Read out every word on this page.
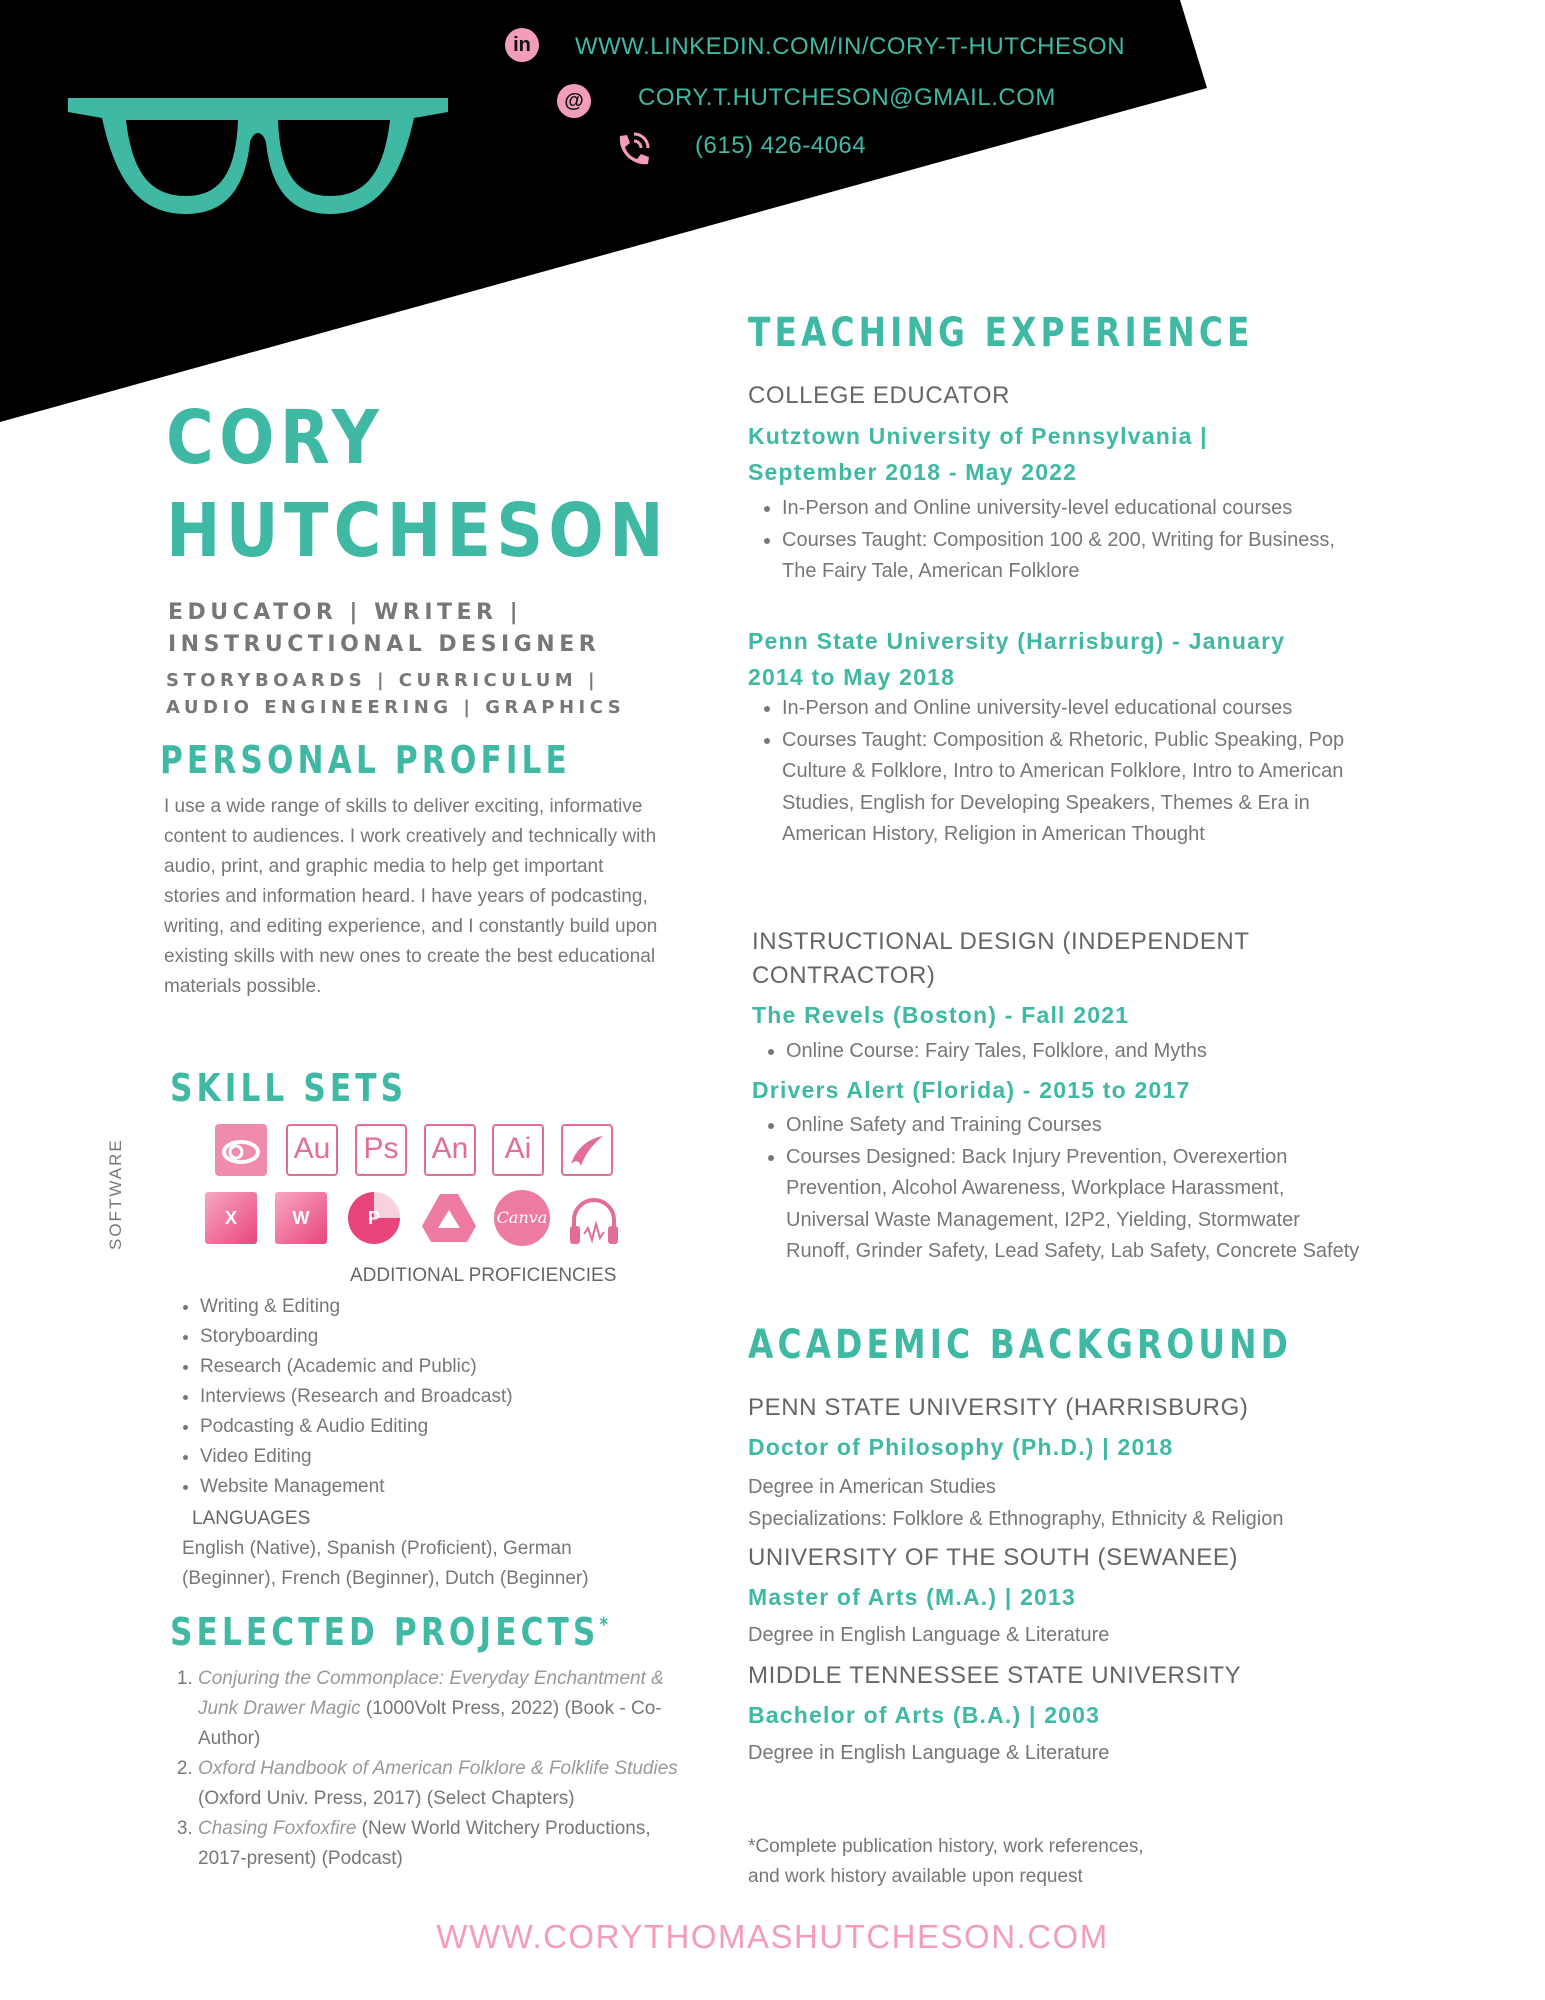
in	WWW.LINKEDIN.COM/IN/CORY-T-HUTCHESON
@	CORY.T.HUTCHESON@GMAIL.COM
(615) 426-4064
CORY
HUTCHESON
EDUCATOR | WRITER |
INSTRUCTIONAL DESIGNER
STORYBOARDS | CURRICULUM |
AUDIO ENGINEERING | GRAPHICS
PERSONAL PROFILE
I use a wide range of skills to deliver exciting, informative content to audiences. I work creatively and technically with audio, print, and graphic media to help get important stories and information heard. I have years of podcasting, writing, and editing experience, and I constantly build upon existing skills with new ones to create the best educational materials possible.
SKILL SETS
SOFTWARE	Au Ps An	Ai
X	W	P	Canva
ADDITIONAL PROFICIENCIES
• Writing & Editing
• Storyboarding
• Research (Academic and Public)
• Interviews (Research and Broadcast)
• Podcasting & Audio Editing
• Video Editing
• Website Management
LANGUAGES
English (Native), Spanish (Proficient), German
(Beginner), French (Beginner), Dutch (Beginner)
SELECTED PROJECTS*
1. Conjuring the Commonplace: Everyday Enchantment & Junk Drawer Magic (1000Volt Press, 2022) (Book - Co-Author)
2. Oxford Handbook of American Folklore & Folklife Studies (Oxford Univ. Press, 2017) (Select Chapters)
3. Chasing Foxfoxfire (New World Witchery Productions, 2017-present) (Podcast)
TEACHING EXPERIENCE
COLLEGE EDUCATOR
Kutztown University of Pennsylvania |
September 2018 - May 2022
• In-Person and Online university-level educational courses
• Courses Taught: Composition 100 & 200, Writing for Business, The Fairy Tale, American Folklore
Penn State University (Harrisburg) - January
2014 to May 2018
• In-Person and Online university-level educational courses
• Courses Taught: Composition & Rhetoric, Public Speaking, Pop Culture & Folklore, Intro to American Folklore, Intro to American Studies, English for Developing Speakers, Themes & Era in American History, Religion in American Thought
INSTRUCTIONAL DESIGN (INDEPENDENT
CONTRACTOR)
The Revels (Boston) - Fall 2021
• Online Course: Fairy Tales, Folklore, and Myths
Drivers Alert (Florida) - 2015 to 2017
• Online Safety and Training Courses
• Courses Designed: Back Injury Prevention, Overexertion Prevention, Alcohol Awareness, Workplace Harassment, Universal Waste Management, I2P2, Yielding, Stormwater Runoff, Grinder Safety, Lead Safety, Lab Safety, Concrete Safety
ACADEMIC BACKGROUND
PENN STATE UNIVERSITY (HARRISBURG)
Doctor of Philosophy (Ph.D.) | 2018
Degree in American Studies
Specializations: Folklore & Ethnography, Ethnicity & Religion
UNIVERSITY OF THE SOUTH (SEWANEE)
Master of Arts (M.A.) | 2013
Degree in English Language & Literature
MIDDLE TENNESSEE STATE UNIVERSITY
Bachelor of Arts (B.A.) | 2003
Degree in English Language & Literature
*Complete publication history, work references,
and work history available upon request
WWW.CORYTHOMASHUTCHESON.COM
